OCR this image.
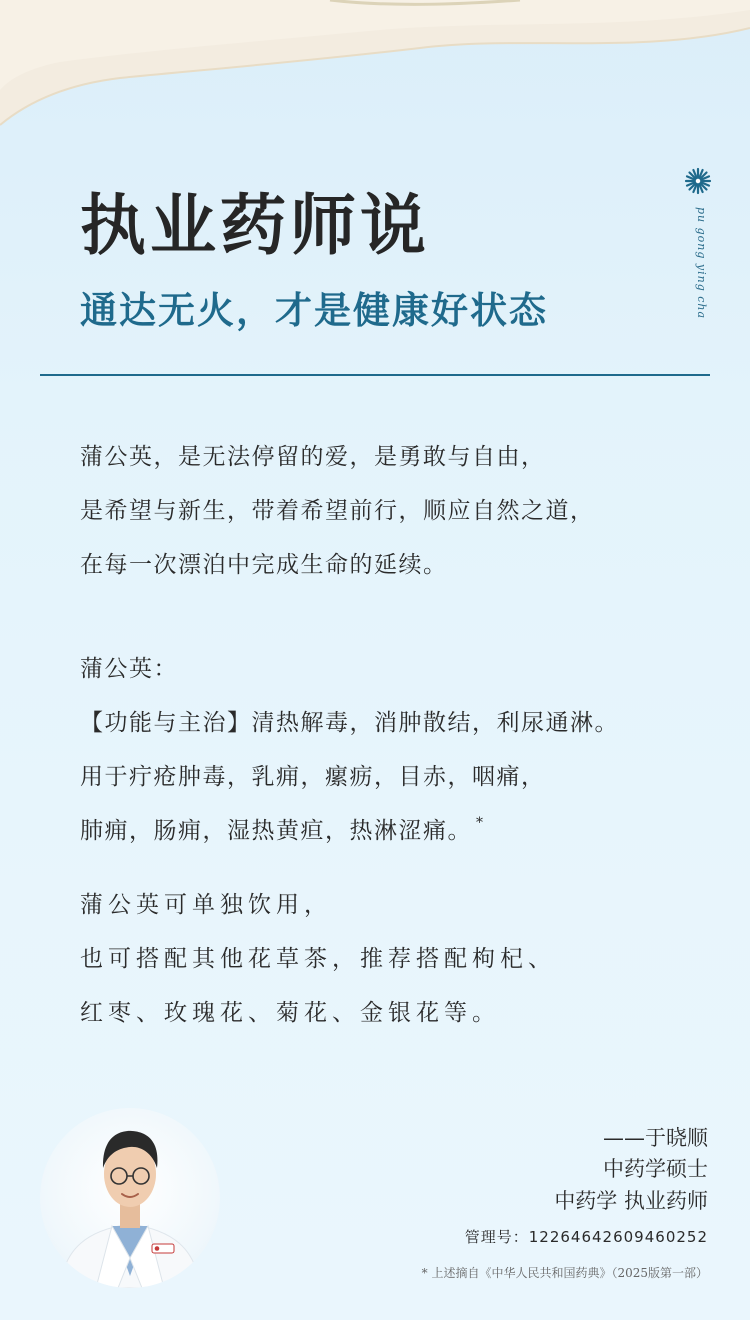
pu gong ying cha
执业药师说
通达无火，才是健康好状态
蒲公英，是无法停留的爱，是勇敢与自由，
是希望与新生，带着希望前行，顺应自然之道，
在每一次漂泊中完成生命的延续。
蒲公英：
【功能与主治】清热解毒，消肿散结，利尿通淋。
用于疔疮肿毒，乳痈，瘰疬，目赤，咽痛，
肺痈，肠痈，湿热黄疸，热淋涩痛。 *
蒲公英可单独饮用，
也可搭配其他花草茶，推荐搭配枸杞、
红枣、玫瑰花、菊花、金银花等。
——于晓顺
中药学硕士
中药学 执业药师
管理号：12264642609460252
* 上述摘自《中华人民共和国药典》（2025版第一部）
